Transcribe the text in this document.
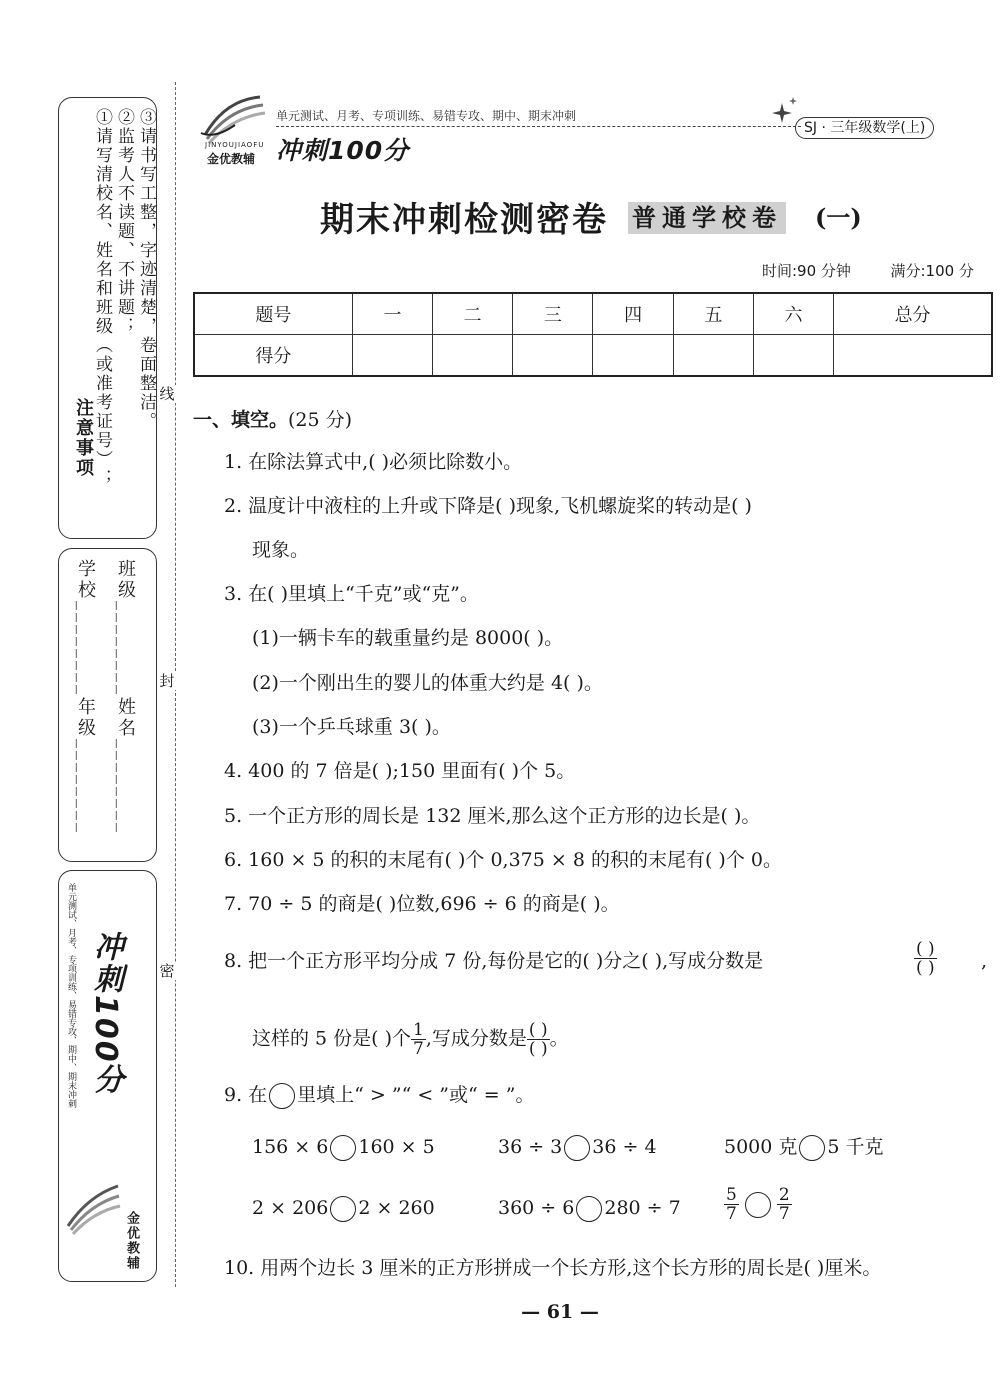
注意事项
①请写清校名、姓名和班级（或准考证号）； ②监考人不读题、不讲题； ③请书写工整，字迹清楚，卷面整洁。
学校________年级________ 班级________姓名________
单元测试、月考、专项训练、易错专攻、期中、期末冲刺 冲刺100分
金优教辅
线
封
密
JINYOUJIAOFU
金优教辅
单元测试、月考、专项训练、易错专攻、期中、期末冲刺
冲刺100分
SJ · 三年级数学(上)
期末冲刺检测密卷 普通学校卷 (一)
时间:90 分钟	满分:100 分
题号	一	二	三	四	五	六	总分
得分							
一、填空。(25 分)
1. 在除法算式中,( )必须比除数小。
2. 温度计中液柱的上升或下降是( )现象,飞机螺旋桨的转动是( )
现象。
3. 在( )里填上“千克”或“克”。
(1)一辆卡车的载重量约是 8000( )。
(2)一个刚出生的婴儿的体重大约是 4( )。
(3)一个乒乓球重 3( )。
4. 400 的 7 倍是( );150 里面有( )个 5。
5. 一个正方形的周长是 132 厘米,那么这个正方形的边长是( )。
6. 160 × 5 的积的末尾有( )个 0,375 × 8 的积的末尾有( )个 0。
7. 70 ÷ 5 的商是( )位数,696 ÷ 6 的商是( )。
8. 把一个正方形平均分成 7 份,每份是它的( )分之( ),写成分数是	$\frac{( )}{( )}$ ,
这样的 5 份是( )个 $\frac{1}{7}$ ,写成分数是 $\frac{( )}{( )}$ 。
9. 在 里填上“ > ”“ < ”或“ = ”。
156 × 6 160 × 5	36 ÷ 3 36 ÷ 4	5000 克 5 千克
2 × 206 2 × 260	360 ÷ 6 280 ÷ 7	$\frac{5}{7} \frac{2}{7}$
10. 用两个边长 3 厘米的正方形拼成一个长方形,这个长方形的周长是( )厘米。
— 61 —
